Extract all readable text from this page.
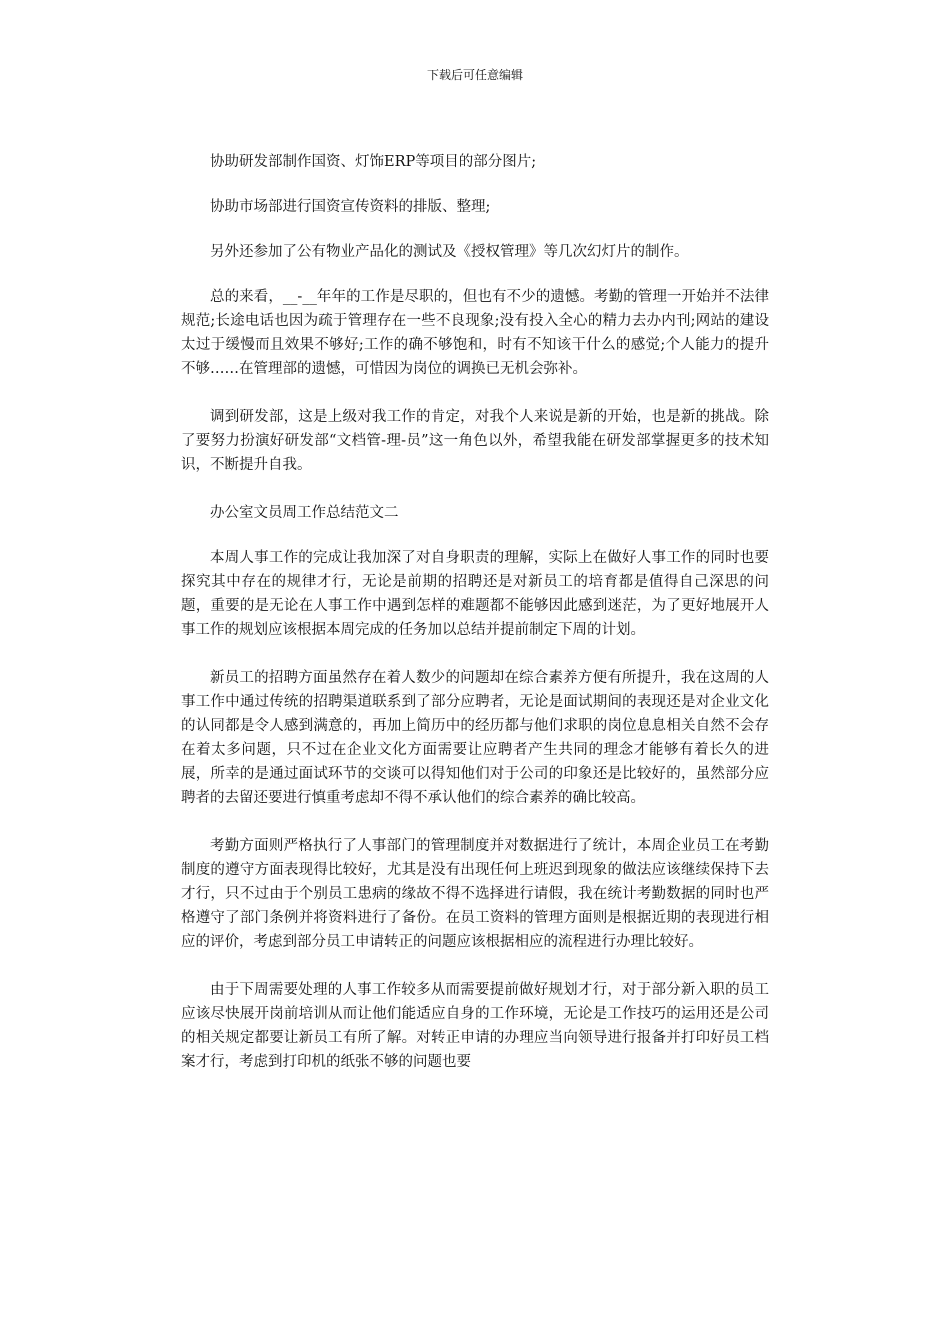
下载后可任意编辑

协助研发部制作国资、灯饰ERP等项目的部分图片;

协助市场部进行国资宣传资料的排版、整理;

另外还参加了公有物业产品化的测试及《授权管理》等几次幻灯片的制作。

总的来看，__-__年年的工作是尽职的，但也有不少的遗憾。考勤的管理一开始并不法律规范;长途电话也因为疏于管理存在一些不良现象;没有投入全心的精力去办内刊;网站的建设太过于缓慢而且效果不够好;工作的确不够饱和，时有不知该干什么的感觉;个人能力的提升不够……在管理部的遗憾，可惜因为岗位的调换已无机会弥补。

调到研发部，这是上级对我工作的肯定，对我个人来说是新的开始，也是新的挑战。除了要努力扮演好研发部“文档管-理-员”这一角色以外，希望我能在研发部掌握更多的技术知识，不断提升自我。

办公室文员周工作总结范文二

本周人事工作的完成让我加深了对自身职责的理解，实际上在做好人事工作的同时也要探究其中存在的规律才行，无论是前期的招聘还是对新员工的培育都是值得自己深思的问题，重要的是无论在人事工作中遇到怎样的难题都不能够因此感到迷茫，为了更好地展开人事工作的规划应该根据本周完成的任务加以总结并提前制定下周的计划。

新员工的招聘方面虽然存在着人数少的问题却在综合素养方便有所提升，我在这周的人事工作中通过传统的招聘渠道联系到了部分应聘者，无论是面试期间的表现还是对企业文化的认同都是令人感到满意的，再加上简历中的经历都与他们求职的岗位息息相关自然不会存在着太多问题，只不过在企业文化方面需要让应聘者产生共同的理念才能够有着长久的进展，所幸的是通过面试环节的交谈可以得知他们对于公司的印象还是比较好的，虽然部分应聘者的去留还要进行慎重考虑却不得不承认他们的综合素养的确比较高。

考勤方面则严格执行了人事部门的管理制度并对数据进行了统计，本周企业员工在考勤制度的遵守方面表现得比较好，尤其是没有出现任何上班迟到现象的做法应该继续保持下去才行，只不过由于个别员工患病的缘故不得不选择进行请假，我在统计考勤数据的同时也严格遵守了部门条例并将资料进行了备份。在员工资料的管理方面则是根据近期的表现进行相应的评价，考虑到部分员工申请转正的问题应该根据相应的流程进行办理比较好。

由于下周需要处理的人事工作较多从而需要提前做好规划才行，对于部分新入职的员工应该尽快展开岗前培训从而让他们能适应自身的工作环境，无论是工作技巧的运用还是公司的相关规定都要让新员工有所了解。对转正申请的办理应当向领导进行报备并打印好员工档案才行，考虑到打印机的纸张不够的问题也要
